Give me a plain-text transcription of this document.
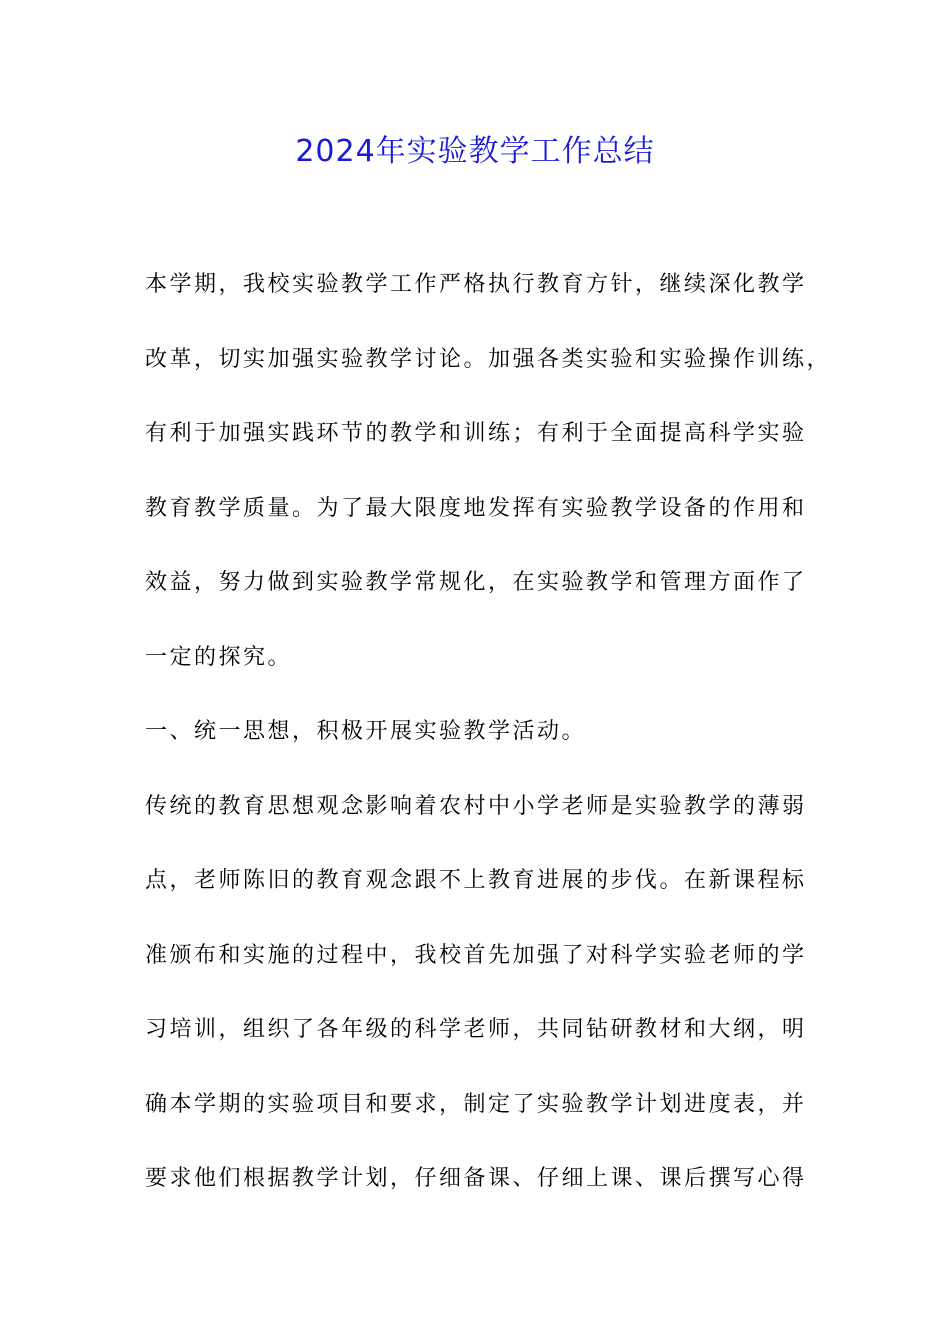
2024年实验教学工作总结
本学期，我校实验教学工作严格执行教育方针，继续深化教学
改革，切实加强实验教学讨论。加强各类实验和实验操作训练，
有利于加强实践环节的教学和训练；有利于全面提高科学实验
教育教学质量。为了最大限度地发挥有实验教学设备的作用和
效益，努力做到实验教学常规化，在实验教学和管理方面作了
一定的探究。
一、统一思想，积极开展实验教学活动。
传统的教育思想观念影响着农村中小学老师是实验教学的薄弱
点，老师陈旧的教育观念跟不上教育进展的步伐。在新课程标
准颁布和实施的过程中，我校首先加强了对科学实验老师的学
习培训，组织了各年级的科学老师，共同钻研教材和大纲，明
确本学期的实验项目和要求，制定了实验教学计划进度表，并
要求他们根据教学计划，仔细备课、仔细上课、课后撰写心得
